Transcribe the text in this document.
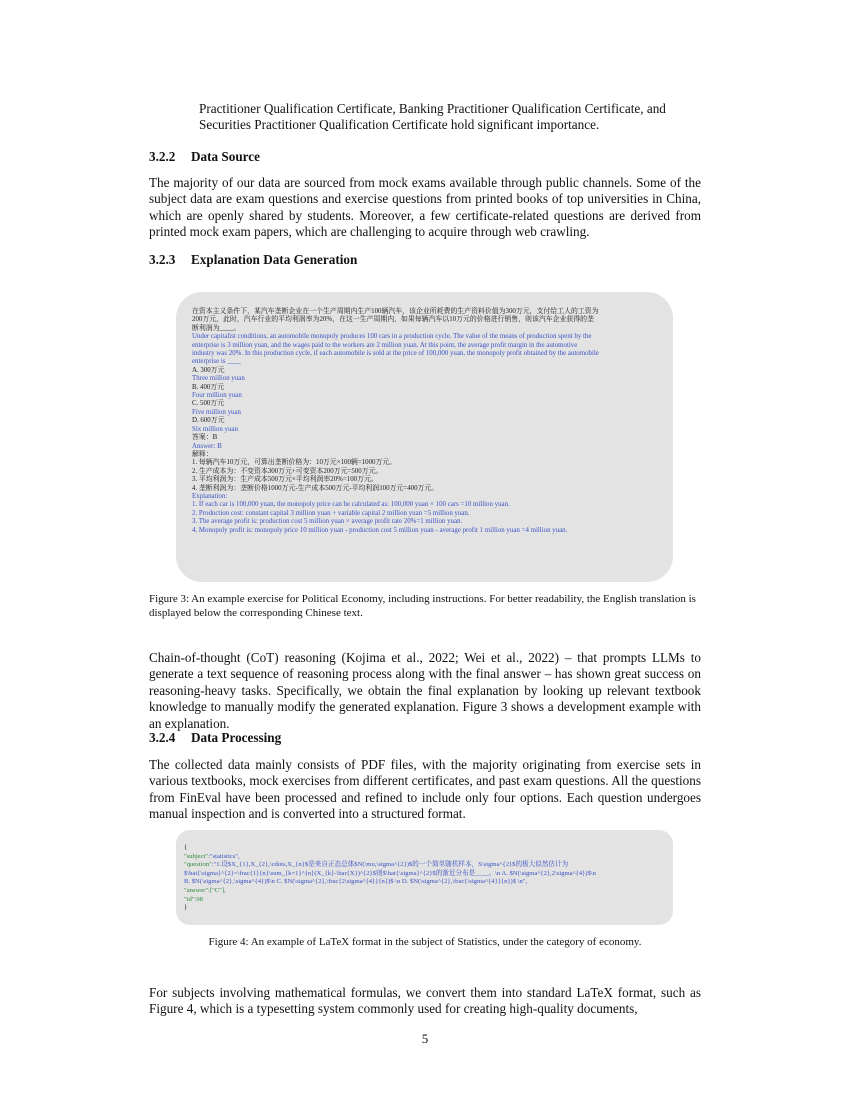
Practitioner Qualification Certificate, Banking Practitioner Qualification Certificate, and Securities Practitioner Qualification Certificate hold significant importance.

3.2.2 Data Source

The majority of our data are sourced from mock exams available through public channels. Some of the subject data are exam questions and exercise questions from printed books of top universities in China, which are openly shared by students. Moreover, a few certificate-related questions are derived from printed mock exam papers, which are challenging to acquire through web crawling.

3.2.3 Explanation Data Generation
在资本主义条件下，某汽车垄断企业在一个生产周期内生产100辆汽车，该企业所耗费的生产资料价值为300万元，支付给工人的工资为
200万元，此时，汽车行业的平均利润率为20%，在这一生产周期内，如果每辆汽车以10万元的价格进行销售，则该汽车企业获得的垄
断利润为____。
Under capitalist conditions, an automobile monopoly produces 100 cars in a production cycle. The value of the means of production spent by the
enterprise is 3 million yuan, and the wages paid to the workers are 2 million yuan. At this point, the average profit margin in the automotive
industry was 20%. In this production cycle, if each automobile is sold at the price of 100,000 yuan, the monopoly profit obtained by the automobile
enterprise is ____
A. 300万元
Three million yuan
B. 400万元
Four million yuan
C. 500万元
Five million yuan
D. 600万元
Six million yuan
答案：B
Answer: B
解释：
1. 每辆汽车10万元，可算出垄断价格为：10万元×100辆=1000万元。
2. 生产成本为：不变资本300万元+可变资本200万元=500万元。
3. 平均利润为：生产成本500万元×平均利润率20%=100万元。
4. 垄断利润为：垄断价格1000万元-生产成本500万元-平均利润100万元=400万元。
Explanation:
1. If each car is 100,000 yuan, the monopoly price can be calculated as: 100,000 yuan × 100 cars =10 million yuan.
2. Production cost: constant capital 3 million yuan + variable capital 2 million yuan =5 million yuan.
3. The average profit is: production cost 5 million yuan × average profit rate 20%=1 million yuan.
4. Monopoly profit is: monopoly price 10 million yuan - production cost 5 million yuan - average profit 1 million yuan =4 million yuan.

Figure 3: An example exercise for Political Economy, including instructions. For better readability, the English translation is displayed below the corresponding Chinese text.

Chain-of-thought (CoT) reasoning (Kojima et al., 2022; Wei et al., 2022) – that prompts LLMs to generate a text sequence of reasoning process along with the final answer – has shown great success on reasoning-heavy tasks. Specifically, we obtain the final explanation by looking up relevant textbook knowledge to manually modify the generated explanation. Figure 3 shows a development example with an explanation.

3.2.4 Data Processing

The collected data mainly consists of PDF files, with the majority originating from exercise sets in various textbooks, mock exercises from different certificates, and past exam questions. All the questions from FinEval have been processed and refined to include only four options. Each question undergoes manual inspection and is converted into a structured format.

{
"subject":"statistics",
"question":"1.设$X_{1},X_{2},\cdots,X_{n}$是来自正态总体$N(\mu,\sigma^{2})$的一个简单随机样本，S\sigma^{2}$的极大似然估计为
$\hat{\sigma}^{2}=\frac{1}{n}\sum_{k=1}^{n}(X_{k}-\bar{X})^{2}$则$\hat{\sigma}^{2}$的渐近分布是____。\n A. $N(\sigma^{2},2\sigma^{4})$\n
B. $N(\sigma^{2},\sigma^{4})$\n C. $N(\sigma^{2},\frac{2\sigma^{4}}{n})$ \n D. $N(\sigma^{2},\frac{\sigma^{4}}{n})$ \n",
"answer":["C"],
"id":98
}

Figure 4: An example of LaTeX format in the subject of Statistics, under the category of economy.

For subjects involving mathematical formulas, we convert them into standard LaTeX format, such as Figure 4, which is a typesetting system commonly used for creating high-quality documents,

5
